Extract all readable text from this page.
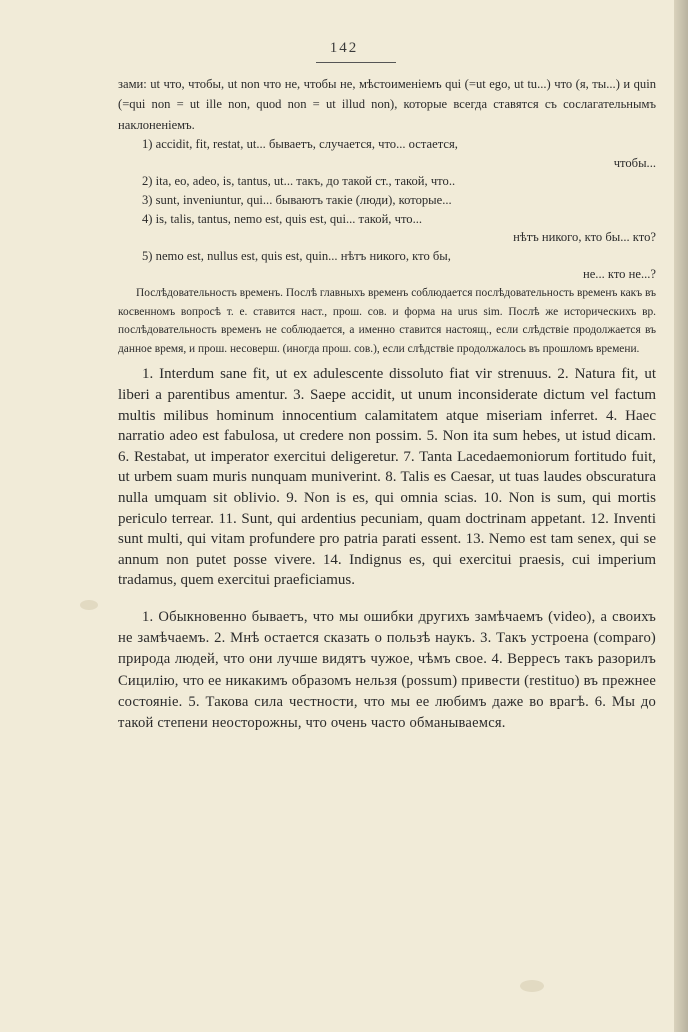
142

зами: ut что, чтобы, ut non что не, чтобы не, мѣстоименіемъ qui (=ut ego, ut tu...) что (я, ты...) и quin (=qui non = ut ille non, quod non = ut illud non), которые всегда ставятся съ сослагательнымъ наклоненіемъ.

1) accidit, fit, restat, ut... бываетъ, случается, что... остается,
чтобы...

2) ita, eo, adeo, is, tantus, ut... такъ, до такой ст., такой, что..

3) sunt, inveniuntur, qui... бываютъ такіе (люди), которые...

4) is, talis, tantus, nemo est, quis est, qui... такой, что...
нѣтъ никого, кто бы... кто?

5) nemo est, nullus est, quis est, quin... нѣтъ никого, кто бы,
не... кто не...?

Послѣдовательность временъ. Послѣ главныхъ временъ соблюдается послѣдовательность временъ какъ въ косвенномъ вопросѣ т. е. ставится наст., прош. сов. и форма на urus sim. Послѣ же историческихъ вр. послѣдовательность временъ не соблюдается, а именно ставится настоящ., если слѣдствіе продолжается въ данное время, и прош. несоверш. (иногда прош. сов.), если слѣдствіе продолжалось въ прошломъ времени.

1. Interdum sane fit, ut ex adulescente dissoluto fiat vir strenuus. 2. Natura fit, ut liberi a parentibus amentur. 3. Saepe accidit, ut unum inconsiderate dictum vel factum multis milibus hominum innocentium calamitatem atque miseriam inferret. 4. Haec narratio adeo est fabulosa, ut credere non possim. 5. Non ita sum hebes, ut istud dicam. 6. Restabat, ut imperator exercitui deligeretur. 7. Tanta Lacedaemoniorum fortitudo fuit, ut urbem suam muris nunquam muniverint. 8. Talis es Caesar, ut tuas laudes obscuratura nulla umquam sit oblivio. 9. Non is es, qui omnia scias. 10. Non is sum, qui mortis periculo terrear. 11. Sunt, qui ardentius pecuniam, quam doctrinam appetant. 12. Inventi sunt multi, qui vitam profundere pro patria parati essent. 13. Nemo est tam senex, qui se annum non putet posse vivere. 14. Indignus es, qui exercitui praesis, cui imperium tradamus, quem exercitui praeficiamus.

1. Обыкновенно бываетъ, что мы ошибки другихъ замѣчаемъ (video), а своихъ не замѣчаемъ. 2. Мнѣ остается сказать о пользѣ наукъ. 3. Такъ устроена (comparo) природа людей, что они лучше видятъ чужое, чѣмъ свое. 4. Верресъ такъ разорилъ Сицилію, что ее никакимъ образомъ нельзя (possum) привести (restituo) въ прежнее состояніе. 5. Такова сила честности, что мы ее любимъ даже во врагѣ. 6. Мы до такой степени неосторожны, что очень часто обманываемся.
